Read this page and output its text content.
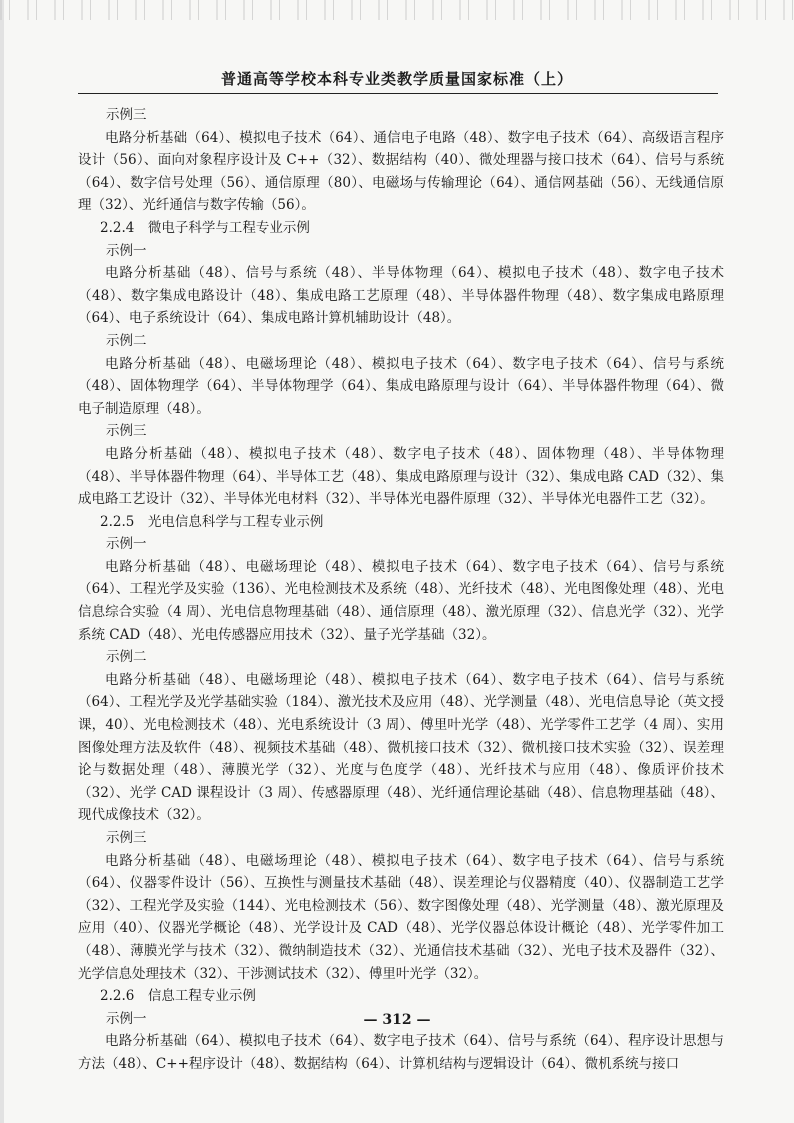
普通高等学校本科专业类教学质量国家标准（上）

示例三

电路分析基础（64）、模拟电子技术（64）、通信电子电路（48）、数字电子技术（64）、高级语言程序设计（56）、面向对象程序设计及 C++（32）、数据结构（40）、微处理器与接口技术（64）、信号与系统（64）、数字信号处理（56）、通信原理（80）、电磁场与传输理论（64）、通信网基础（56）、无线通信原理（32）、光纤通信与数字传输（56）。

2.2.4　微电子科学与工程专业示例

示例一

电路分析基础（48）、信号与系统（48）、半导体物理（64）、模拟电子技术（48）、数字电子技术（48）、数字集成电路设计（48）、集成电路工艺原理（48）、半导体器件物理（48）、数字集成电路原理（64）、电子系统设计（64）、集成电路计算机辅助设计（48）。

示例二

电路分析基础（48）、电磁场理论（48）、模拟电子技术（64）、数字电子技术（64）、信号与系统（48）、固体物理学（64）、半导体物理学（64）、集成电路原理与设计（64）、半导体器件物理（64）、微电子制造原理（48）。

示例三

电路分析基础（48）、模拟电子技术（48）、数字电子技术（48）、固体物理（48）、半导体物理（48）、半导体器件物理（64）、半导体工艺（48）、集成电路原理与设计（32）、集成电路 CAD（32）、集成电路工艺设计（32）、半导体光电材料（32）、半导体光电器件原理（32）、半导体光电器件工艺（32）。

2.2.5　光电信息科学与工程专业示例

示例一

电路分析基础（48）、电磁场理论（48）、模拟电子技术（64）、数字电子技术（64）、信号与系统（64）、工程光学及实验（136）、光电检测技术及系统（48）、光纤技术（48）、光电图像处理（48）、光电信息综合实验（4 周）、光电信息物理基础（48）、通信原理（48）、激光原理（32）、信息光学（32）、光学系统 CAD（48）、光电传感器应用技术（32）、量子光学基础（32）。

示例二

电路分析基础（48）、电磁场理论（48）、模拟电子技术（64）、数字电子技术（64）、信号与系统（64）、工程光学及光学基础实验（184）、激光技术及应用（48）、光学测量（48）、光电信息导论（英文授课，40）、光电检测技术（48）、光电系统设计（3 周）、傅里叶光学（48）、光学零件工艺学（4 周）、实用图像处理方法及软件（48）、视频技术基础（48）、微机接口技术（32）、微机接口技术实验（32）、误差理论与数据处理（48）、薄膜光学（32）、光度与色度学（48）、光纤技术与应用（48）、像质评价技术（32）、光学 CAD 课程设计（3 周）、传感器原理（48）、光纤通信理论基础（48）、信息物理基础（48）、现代成像技术（32）。

示例三

电路分析基础（48）、电磁场理论（48）、模拟电子技术（64）、数字电子技术（64）、信号与系统（64）、仪器零件设计（56）、互换性与测量技术基础（48）、误差理论与仪器精度（40）、仪器制造工艺学（32）、工程光学及实验（144）、光电检测技术（56）、数字图像处理（48）、光学测量（48）、激光原理及应用（40）、仪器光学概论（48）、光学设计及 CAD（48）、光学仪器总体设计概论（48）、光学零件加工（48）、薄膜光学与技术（32）、微纳制造技术（32）、光通信技术基础（32）、光电子技术及器件（32）、光学信息处理技术（32）、干涉测试技术（32）、傅里叶光学（32）。

2.2.6　信息工程专业示例

示例一

电路分析基础（64）、模拟电子技术（64）、数字电子技术（64）、信号与系统（64）、程序设计思想与方法（48）、C++程序设计（48）、数据结构（64）、计算机结构与逻辑设计（64）、微机系统与接口

— 312 —
